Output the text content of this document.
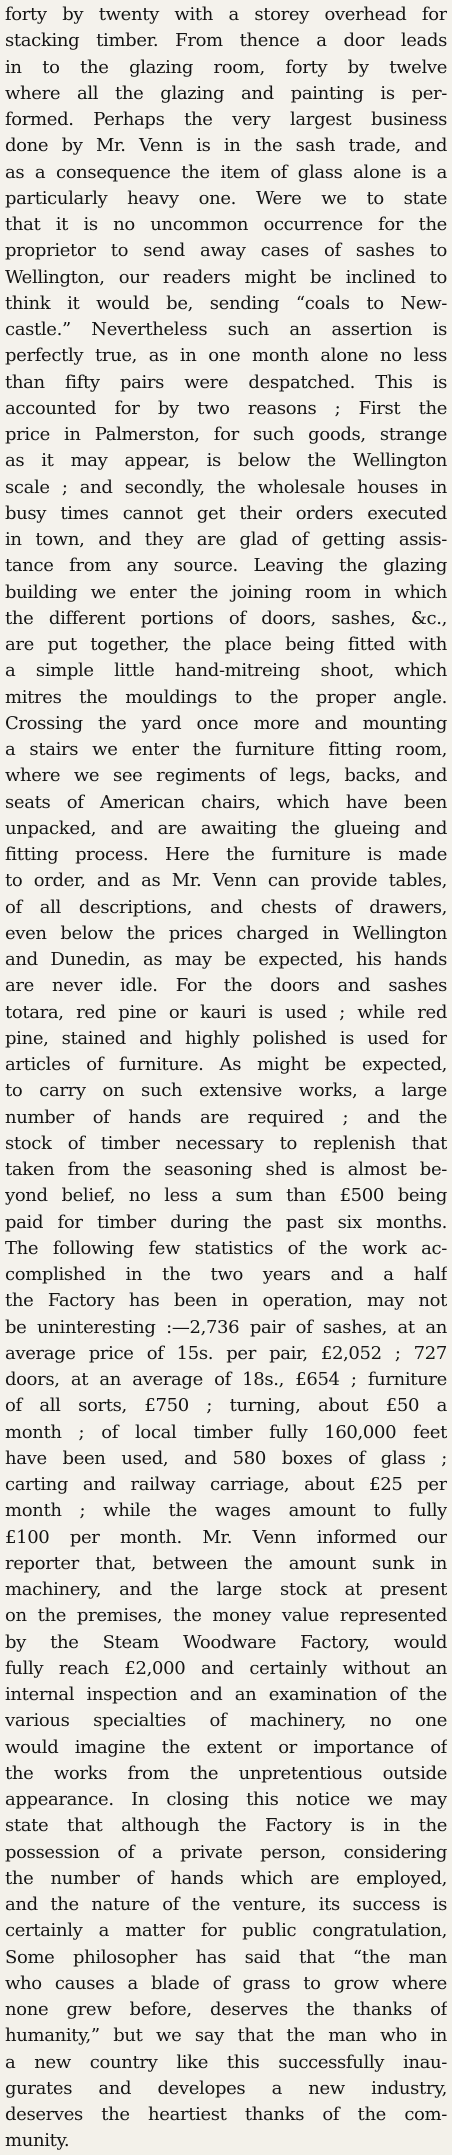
forty by twenty with a storey overhead for
stacking timber. From thence a door leads
in to the glazing room, forty by twelve
where all the glazing and painting is per-
formed. Perhaps the very largest business
done by Mr. Venn is in the sash trade, and
as a consequence the item of glass alone is a
particularly heavy one. Were we to state
that it is no uncommon occurrence for the
proprietor to send away cases of sashes to
Wellington, our readers might be inclined to
think it would be, sending “coals to New-
castle.” Nevertheless such an assertion is
perfectly true, as in one month alone no less
than fifty pairs were despatched. This is
accounted for by two reasons ; First the
price in Palmerston, for such goods, strange
as it may appear, is below the Wellington
scale ; and secondly, the wholesale houses in
busy times cannot get their orders executed
in town, and they are glad of getting assis-
tance from any source. Leaving the glazing
building we enter the joining room in which
the different portions of doors, sashes, &c.,
are put together, the place being fitted with
a simple little hand-mitreing shoot, which
mitres the mouldings to the proper angle.
Crossing the yard once more and mounting
a stairs we enter the furniture fitting room,
where we see regiments of legs, backs, and
seats of American chairs, which have been
unpacked, and are awaiting the glueing and
fitting process. Here the furniture is made
to order, and as Mr. Venn can provide tables,
of all descriptions, and chests of drawers,
even below the prices charged in Wellington
and Dunedin, as may be expected, his hands
are never idle. For the doors and sashes
totara, red pine or kauri is used ; while red
pine, stained and highly polished is used for
articles of furniture. As might be expected,
to carry on such extensive works, a large
number of hands are required ; and the
stock of timber necessary to replenish that
taken from the seasoning shed is almost be-
yond belief, no less a sum than £500 being
paid for timber during the past six months.
The following few statistics of the work ac-
complished in the two years and a half
the Factory has been in operation, may not
be uninteresting :—2,736 pair of sashes, at an
average price of 15s. per pair, £2,052 ; 727
doors, at an average of 18s., £654 ; furniture
of all sorts, £750 ; turning, about £50 a
month ; of local timber fully 160,000 feet
have been used, and 580 boxes of glass ;
carting and railway carriage, about £25 per
month ; while the wages amount to fully
£100 per month. Mr. Venn informed our
reporter that, between the amount sunk in
machinery, and the large stock at present
on the premises, the money value represented
by the Steam Woodware Factory, would
fully reach £2,000 and certainly without an
internal inspection and an examination of the
various specialties of machinery, no one
would imagine the extent or importance of
the works from the unpretentious outside
appearance. In closing this notice we may
state that although the Factory is in the
possession of a private person, considering
the number of hands which are employed,
and the nature of the venture, its success is
certainly a matter for public congratulation,
Some philosopher has said that “the man
who causes a blade of grass to grow where
none grew before, deserves the thanks of
humanity,” but we say that the man who in
a new country like this successfully inau-
gurates and developes a new industry,
deserves the heartiest thanks of the com-
munity.
